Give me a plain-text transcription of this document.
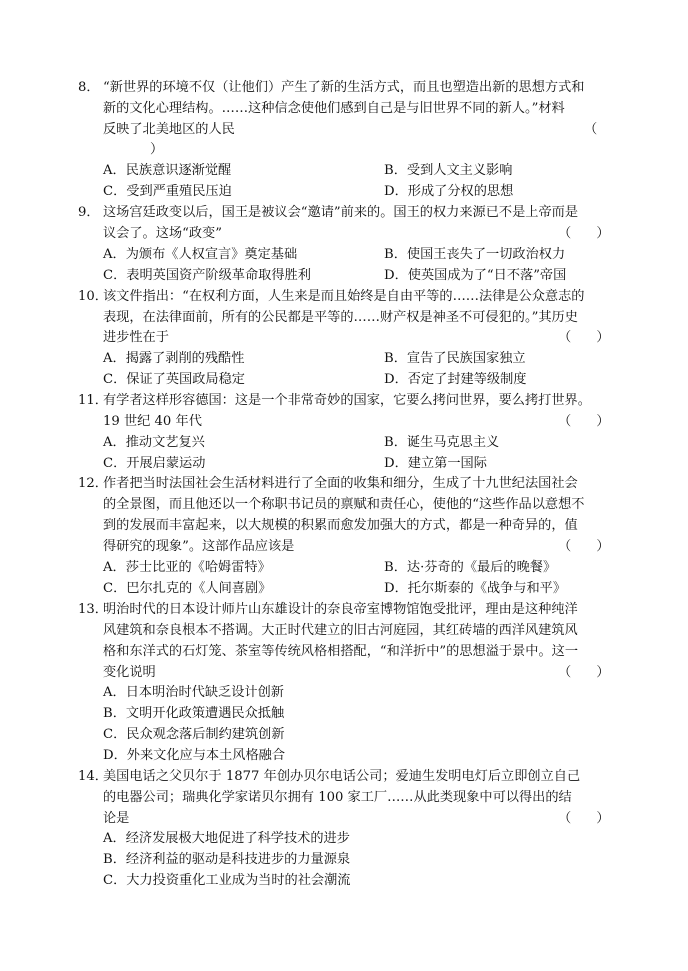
8． “新世界的环境不仅（让他们）产生了新的生活方式，而且也塑造出新的思想方式和
新的文化心理结构。……这种信念使他们感到自己是与旧世界不同的新人。”材料
反映了北美地区的人民	（
）
A．民族意识逐渐觉醒	B．受到人文主义影响
C．受到严重殖民压迫	D．形成了分权的思想
9． 这场宫廷政变以后，国王是被议会“邀请”前来的。国王的权力来源已不是上帝而是
议会了。这场“政变”	（      ）
A．为颁布《人权宣言》奠定基础	B．使国王丧失了一切政治权力
C．表明英国资产阶级革命取得胜利	D．使英国成为了“日不落”帝国
10．
该文件指出：“在权利方面，人生来是而且始终是自由平等的……法律是公众意志的
表现，在法律面前，所有的公民都是平等的……财产权是神圣不可侵犯的。”其历史
进步性在于	（      ）
A．揭露了剥削的残酷性	B．宣告了民族国家独立
C．保证了英国政局稳定	D．否定了封建等级制度
11．
有学者这样形容德国：这是一个非常奇妙的国家，它要么拷问世界，要么拷打世界。
19 世纪 40 年代	（      ）
A．推动文艺复兴	B．诞生马克思主义
C．开展启蒙运动	D．建立第一国际
12．
作者把当时法国社会生活材料进行了全面的收集和细分，生成了十九世纪法国社会
的全景图，而且他还以一个称职书记员的禀赋和责任心，使他的“这些作品以意想不
到的发展而丰富起来，以大规模的积累而愈发加强大的方式，都是一种奇异的，值
得研究的现象”。这部作品应该是	（      ）
A．莎士比亚的《哈姆雷特》	B．达·芬奇的《最后的晚餐》
C．巴尔扎克的《人间喜剧》	D．托尔斯泰的《战争与和平》
13．
明治时代的日本设计师片山东雄设计的奈良帝室博物馆饱受批评，理由是这种纯洋
风建筑和奈良根本不搭调。大正时代建立的旧古河庭园，其红砖墙的西洋风建筑风
格和东洋式的石灯笼、茶室等传统风格相搭配，“和洋折中”的思想溢于景中。这一
变化说明	（      ）
A．日本明治时代缺乏设计创新
B．文明开化政策遭遇民众抵触
C．民众观念落后制约建筑创新
D．外来文化应与本土风格融合
14．
美国电话之父贝尔于 1877 年创办贝尔电话公司；爱迪生发明电灯后立即创立自己
的电器公司；瑞典化学家诺贝尔拥有 100 家工厂……从此类现象中可以得出的结
论是	（      ）
A．经济发展极大地促进了科学技术的进步
B．经济利益的驱动是科技进步的力量源泉
C．大力投资重化工业成为当时的社会潮流
